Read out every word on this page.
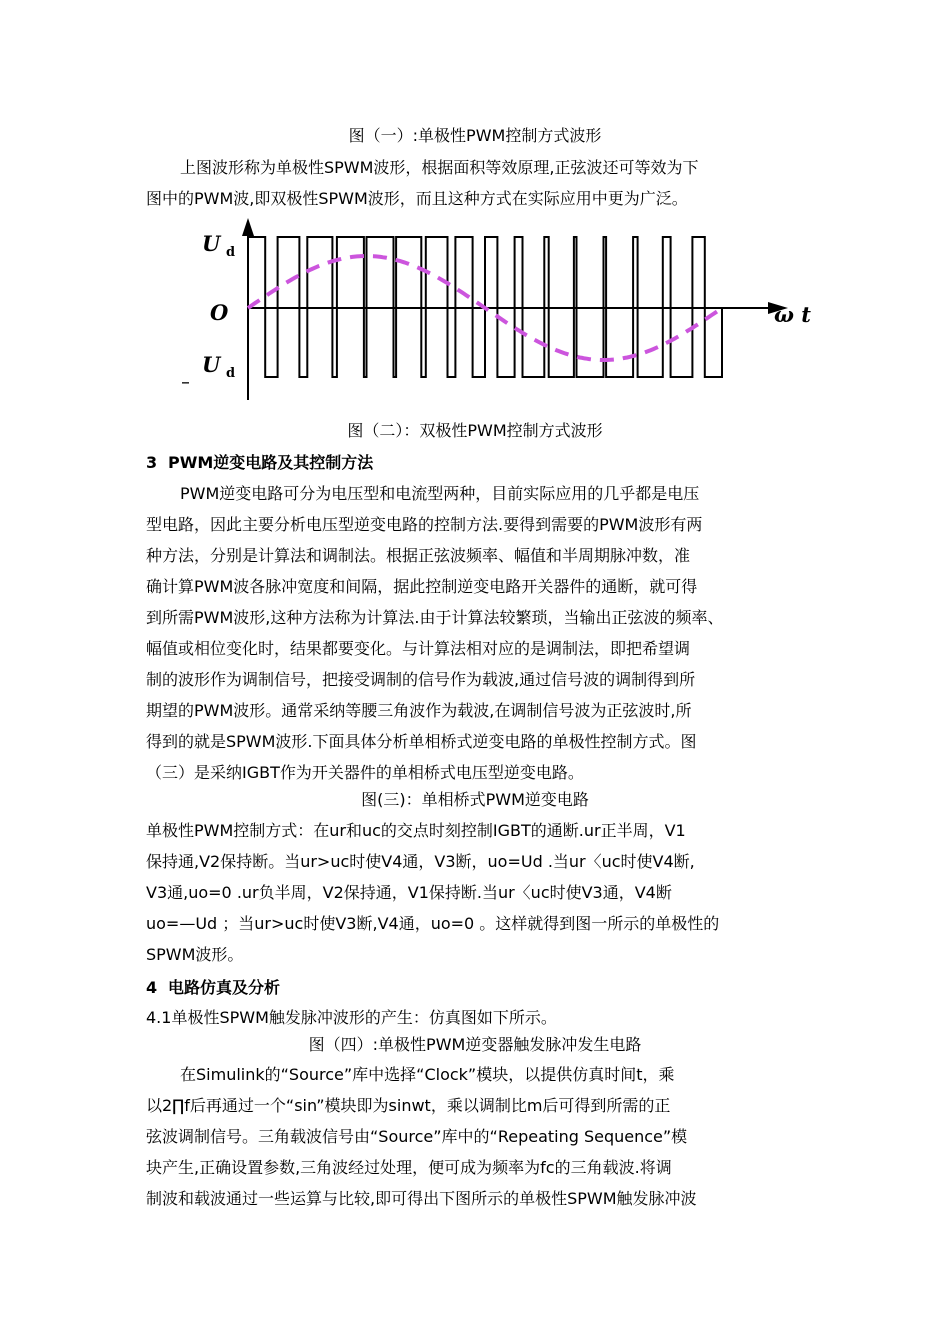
图（一）:单极性PWM控制方式波形
上图波形称为单极性SPWM波形，根据面积等效原理,正弦波还可等效为下
图中的PWM波,即双极性SPWM波形，而且这种方式在实际应用中更为广泛。
U d
O
_ U d
ω t
图（二）：双极性PWM控制方式波形
3 PWM逆变电路及其控制方法
PWM逆变电路可分为电压型和电流型两种，目前实际应用的几乎都是电压
型电路，因此主要分析电压型逆变电路的控制方法.要得到需要的PWM波形有两
种方法，分别是计算法和调制法。根据正弦波频率、幅值和半周期脉冲数，准
确计算PWM波各脉冲宽度和间隔，据此控制逆变电路开关器件的通断，就可得
到所需PWM波形,这种方法称为计算法.由于计算法较繁琐，当输出正弦波的频率、
幅值或相位变化时，结果都要变化。与计算法相对应的是调制法，即把希望调
制的波形作为调制信号，把接受调制的信号作为载波,通过信号波的调制得到所
期望的PWM波形。通常采纳等腰三角波作为载波,在调制信号波为正弦波时,所
得到的就是SPWM波形.下面具体分析单相桥式逆变电路的单极性控制方式。图
（三）是采纳IGBT作为开关器件的单相桥式电压型逆变电路。
图(三)：单相桥式PWM逆变电路
单极性PWM控制方式：在ur和uc的交点时刻控制IGBT的通断.ur正半周，V1
保持通,V2保持断。当ur>uc时使V4通，V3断，uo=Ud .当ur〈uc时使V4断,
V3通,uo=0 .ur负半周，V2保持通，V1保持断.当ur〈uc时使V3通，V4断
uo=—Ud ；当ur>uc时使V3断,V4通，uo=0 。这样就得到图一所示的单极性的
SPWM波形。
4 电路仿真及分析
4.1单极性SPWM触发脉冲波形的产生：仿真图如下所示。
图（四）:单极性PWM逆变器触发脉冲发生电路
在Simulink的“Source”库中选择“Clock”模块，以提供仿真时间t，乘
以2∏f后再通过一个“sin”模块即为sinwt，乘以调制比m后可得到所需的正
弦波调制信号。三角载波信号由“Source”库中的“Repeating Sequence”模
块产生,正确设置参数,三角波经过处理，便可成为频率为fc的三角载波.将调
制波和载波通过一些运算与比较,即可得出下图所示的单极性SPWM触发脉冲波
